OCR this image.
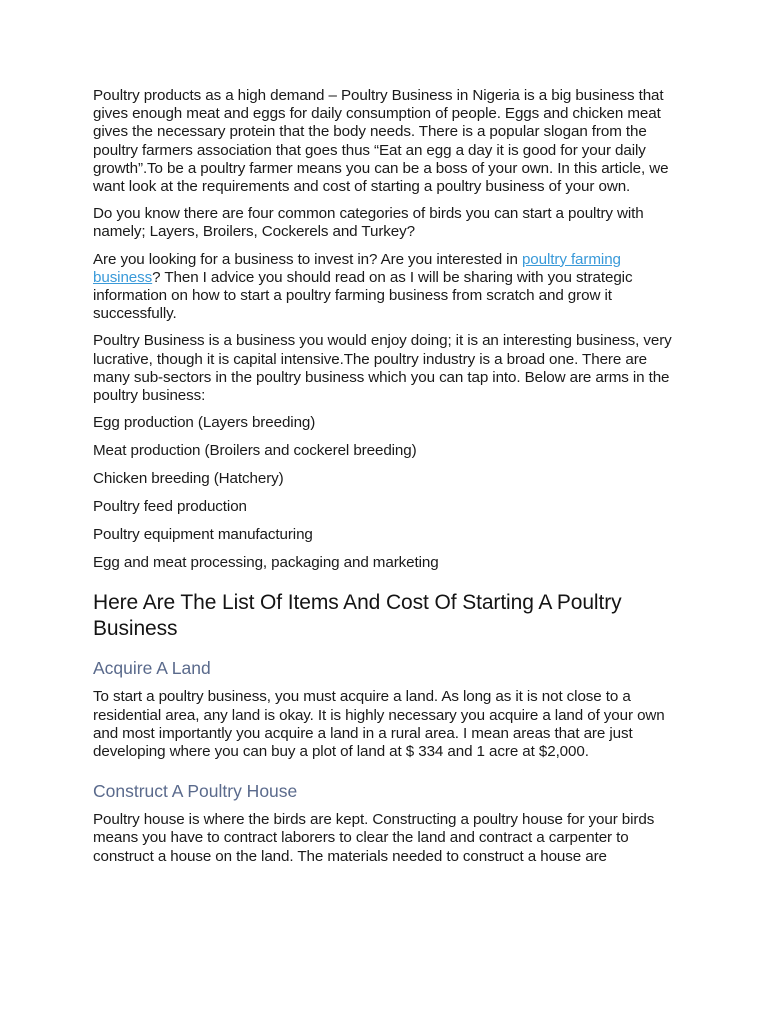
Poultry products as a high demand – Poultry Business in Nigeria is a big business that gives enough meat and eggs for daily consumption of people. Eggs and chicken meat gives the necessary protein that the body needs. There is a popular slogan from the poultry farmers association that goes thus “Eat an egg a day it is good for your daily growth”.To be a poultry farmer means you can be a boss of your own. In this article, we want look at the requirements and cost of starting a poultry business of your own.

Do you know there are four common categories of birds you can start a poultry with namely; Layers, Broilers, Cockerels and Turkey?

Are you looking for a business to invest in? Are you interested in poultry farming business? Then I advice you should read on as I will be sharing with you strategic information on how to start a poultry farming business from scratch and grow it successfully.

Poultry Business is a business you would enjoy doing; it is an interesting business, very lucrative, though it is capital intensive.The poultry industry is a broad one. There are many sub-sectors in the poultry business which you can tap into. Below are arms in the poultry business:

Egg production (Layers breeding)

Meat production (Broilers and cockerel breeding)

Chicken breeding (Hatchery)

Poultry feed production

Poultry equipment manufacturing

Egg and meat processing, packaging and marketing

Here Are The List Of Items And Cost Of Starting A Poultry Business
Acquire A Land

To start a poultry business, you must acquire a land. As long as it is not close to a residential area, any land is okay. It is highly necessary you acquire a land of your own and most importantly you acquire a land in a rural area. I mean areas that are just developing where you can buy a plot of land at $ 334 and 1 acre at $2,000.

Construct A Poultry House

Poultry house is where the birds are kept. Constructing a poultry house for your birds means you have to contract laborers to clear the land and contract a carpenter to construct a house on the land. The materials needed to construct a house are
